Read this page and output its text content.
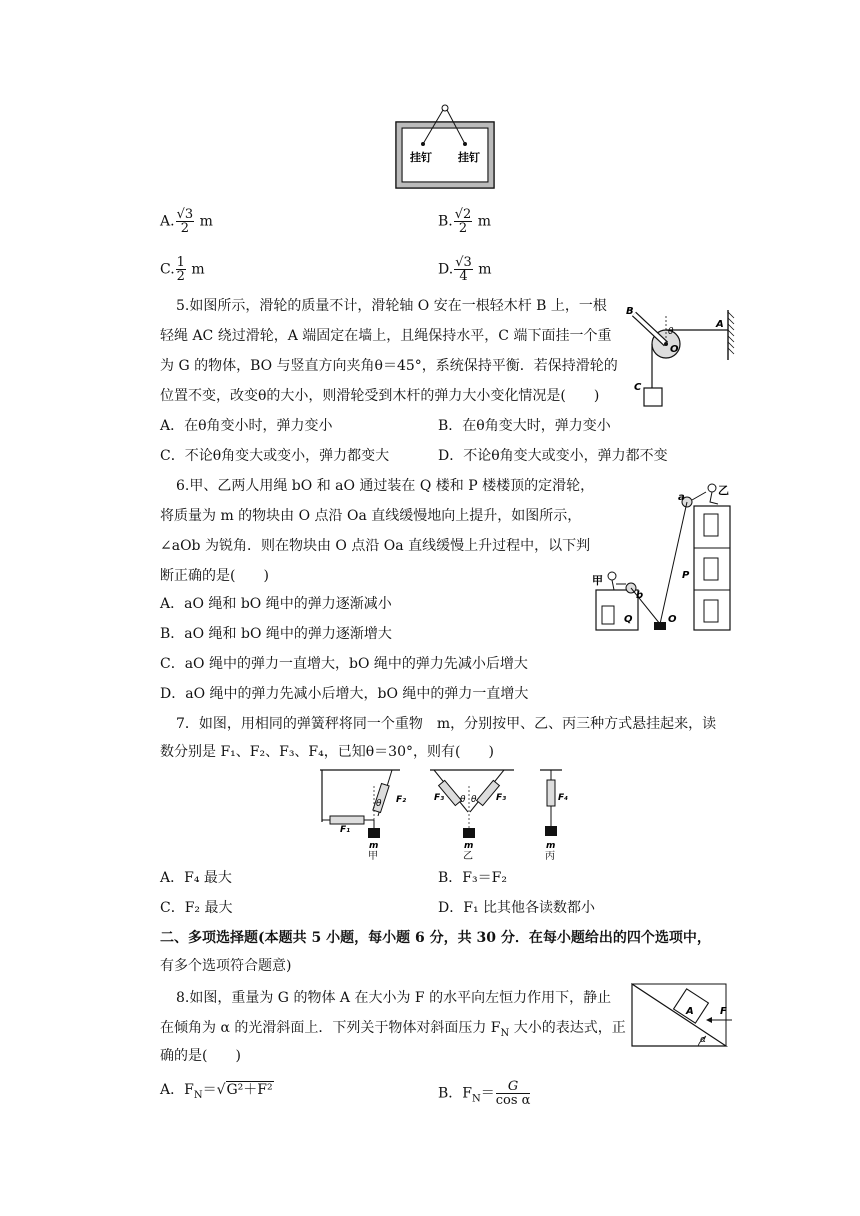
挂钉 挂钉
A. $\frac{√3}{2}$ m	B. $\frac{√2}{2}$ m
C. $\frac{1}{2}$ m	D. $\frac{√3}{4}$ m
5.如图所示，滑轮的质量不计，滑轮轴 O 安在一根轻木杆 B 上，一根
轻绳 AC 绕过滑轮，A 端固定在墙上，且绳保持水平，C 端下面挂一个重
为 G 的物体，BO 与竖直方向夹角θ＝45°，系统保持平衡．若保持滑轮的
位置不变，改变θ的大小，则滑轮受到木杆的弹力大小变化情况是(　　)
A．在θ角变小时，弹力变小	B．在θ角变大时，弹力变小
C．不论θ角变大或变小，弹力都变大	D．不论θ角变大或变小，弹力都不变
B
A
O
θ
C
6.甲、乙两人用绳 bO 和 aO 通过装在 Q 楼和 P 楼楼顶的定滑轮，
将质量为 m 的物块由 O 点沿 Oa 直线缓慢地向上提升，如图所示，
∠aOb 为锐角．则在物块由 O 点沿 Oa 直线缓慢上升过程中，以下判
断正确的是(　　)
A．aO 绳和 bO 绳中的弹力逐渐减小
B．aO 绳和 bO 绳中的弹力逐渐增大
C．aO 绳中的弹力一直增大，bO 绳中的弹力先减小后增大
D．aO 绳中的弹力先减小后增大，bO 绳中的弹力一直增大
a
乙
甲
b
P
Q	O
7．如图，用相同的弹簧秤将同一个重物　m，分别按甲、乙、丙三种方式悬挂起来，读
数分别是 F₁、F₂、F₃、F₄，已知θ＝30°，则有(　　)
F₁
F₂
θ
m
甲
F₃	F₃
θ θ
m
乙
F₄
m
丙
A．F₄ 最大	B．F₃＝F₂
C．F₂ 最大	D．F₁ 比其他各读数都小
二、多项选择题(本题共 5 小题，每小题 6 分，共 30 分．在每小题给出的四个选项中，
有多个选项符合题意)
8.如图，重量为 G 的物体 A 在大小为 F 的水平向左恒力作用下，静止
在倾角为 α 的光滑斜面上．下列关于物体对斜面压力 $F_N$ 大小的表达式，正
确的是(　　)
A	F
α
A．$F_N=√G^2+F^2$	B．$F_N= \frac{G}{\text{cos α}}$
